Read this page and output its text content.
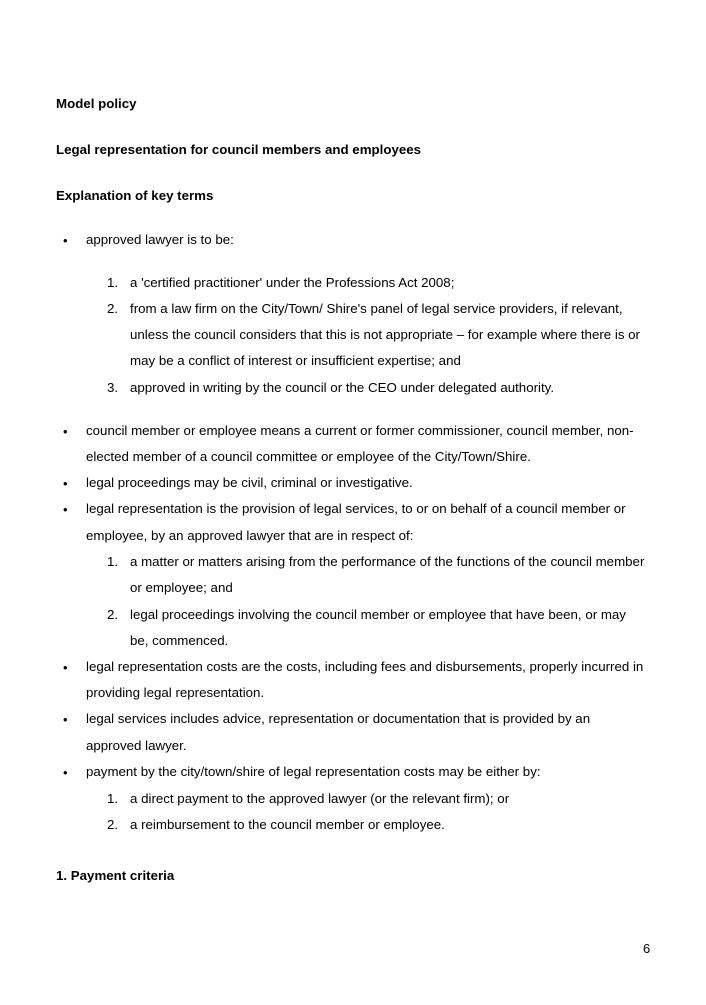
Model policy
Legal representation for council members and employees
Explanation of key terms
• approved lawyer is to be:
1. a 'certified practitioner' under the Professions Act 2008;
2. from a law firm on the City/Town/ Shire's panel of legal service providers, if relevant,
unless the council considers that this is not appropriate – for example where there is or
may be a conflict of interest or insufficient expertise; and
3. approved in writing by the council or the CEO under delegated authority.
• council member or employee means a current or former commissioner, council member, non-
elected member of a council committee or employee of the City/Town/Shire.
• legal proceedings may be civil, criminal or investigative.
• legal representation is the provision of legal services, to or on behalf of a council member or
employee, by an approved lawyer that are in respect of:
1. a matter or matters arising from the performance of the functions of the council member
or employee; and
2. legal proceedings involving the council member or employee that have been, or may
be, commenced.
• legal representation costs are the costs, including fees and disbursements, properly incurred in
providing legal representation.
• legal services includes advice, representation or documentation that is provided by an
approved lawyer.
• payment by the city/town/shire of legal representation costs may be either by:
1. a direct payment to the approved lawyer (or the relevant firm); or
2. a reimbursement to the council member or employee.
1. Payment criteria
6
